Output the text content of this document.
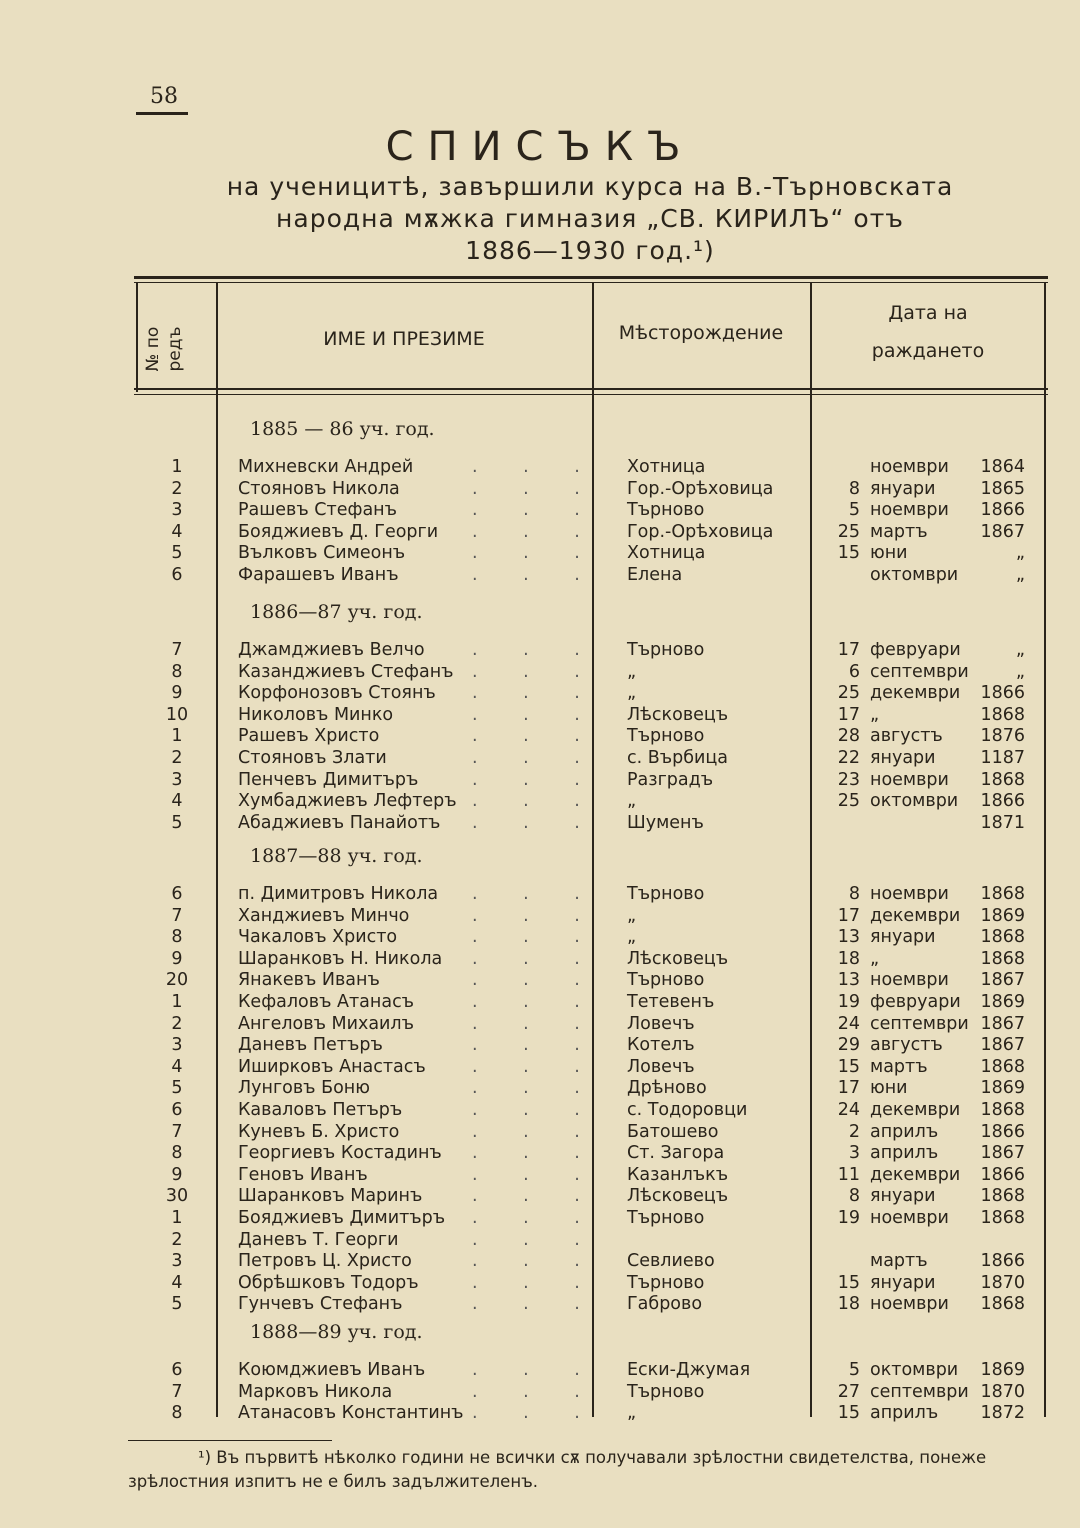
58
СПИСЪКЪ
на ученицитѣ, завършили курса на В.-Търновската
народна мѫжка гимназия „СВ. КИРИЛЪ“ отъ
1886—1930 год.¹)
№ по редъ	ИМЕ И ПРЕЗИМЕ	Мѣсторождение
Дата на
раждането
1885 — 86 уч. год.
1	Михневски Андрей	. . . Хотница	ноември 1864
2	Стояновъ Никола	. . . Гор.-Орѣховица	8 януари	1865
3	Рашевъ Стефанъ	. . . Търново	5 ноември 1866
4	Бояджиевъ Д. Георги	. . . Гор.-Орѣховица	25 мартъ	1867
5	Вълковъ Симеонъ	. . . Хотница	15 юни	„
6	Фарашевъ Иванъ	. . . Елена	октомври	„
1886—87 уч. год.
7	Джамджиевъ Велчо	. . . Търново	17 февруари	„
8	Казанджиевъ Стефанъ	. . . „	6 септември	„
9	Корфонозовъ Стоянъ	. . . „	25 декември 1866
10	Николовъ Минко	. . . Лѣсковецъ	17 „	1868
1	Рашевъ Христо	. . . Търново	28 августъ 1876
2	Стояновъ Злати	. . . с. Върбица	22 януари	1187
3	Пенчевъ Димитъръ	. . . Разградъ	23 ноември 1868
4	Хумбаджиевъ Лефтеръ . . . „	25 октомври 1866
5	Абаджиевъ Панайотъ	. . . Шуменъ	1871
1887—88 уч. год.
6	п. Димитровъ Никола	. . . Търново	8 ноември 1868
7	Ханджиевъ Минчо	. . . „	17 декември 1869
8	Чакаловъ Христо	. . . „	13 януари	1868
9	Шаранковъ Н. Никола	. . . Лѣсковецъ	18 „	1868
20	Янакевъ Иванъ	. . . Търново	13 ноември 1867
1	Кефаловъ Атанасъ	. . . Тетевенъ	19 февруари 1869
2	Ангеловъ Михаилъ	. . . Ловечъ	24 септември 1867
3	Даневъ Петъръ	. . . Котелъ	29 августъ 1867
4	Иширковъ Анастасъ	. . . Ловечъ	15 мартъ	1868
5	Лунговъ Боню	. . . Дрѣново	17 юни	1869
6	Каваловъ Петъръ	. . . с. Тодоровци	24 декември 1868
7	Куневъ Б. Христо	. . . Батошево	2 априлъ 1866
8	Георгиевъ Костадинъ	. . . Ст. Загора	3 априлъ 1867
9	Геновъ Иванъ	. . . Казанлъкъ	11 декември 1866
30	Шаранковъ Маринъ	. . . Лѣсковецъ	8 януари	1868
1	Бояджиевъ Димитъръ	. . . Търново	19 ноември 1868
2	Даневъ Т. Георги	. . .
3	Петровъ Ц. Христо	. . . Севлиево	мартъ	1866
4	Обрѣшковъ Тодоръ	. . . Търново	15 януари	1870
5	Гунчевъ Стефанъ	. . . Габрово	18 ноември 1868
1888—89 уч. год.
6	Коюмджиевъ Иванъ	. . . Ески-Джумая	5 октомври 1869
7	Марковъ Никола	. . . Търново	27 септември 1870
8	Атанасовъ Константинъ . . . „	15 априлъ 1872
¹) Въ първитѣ нѣколко години не всички сѫ получавали зрѣлостни свидетелства, понеже зрѣлостния изпитъ не е билъ задължителенъ.
